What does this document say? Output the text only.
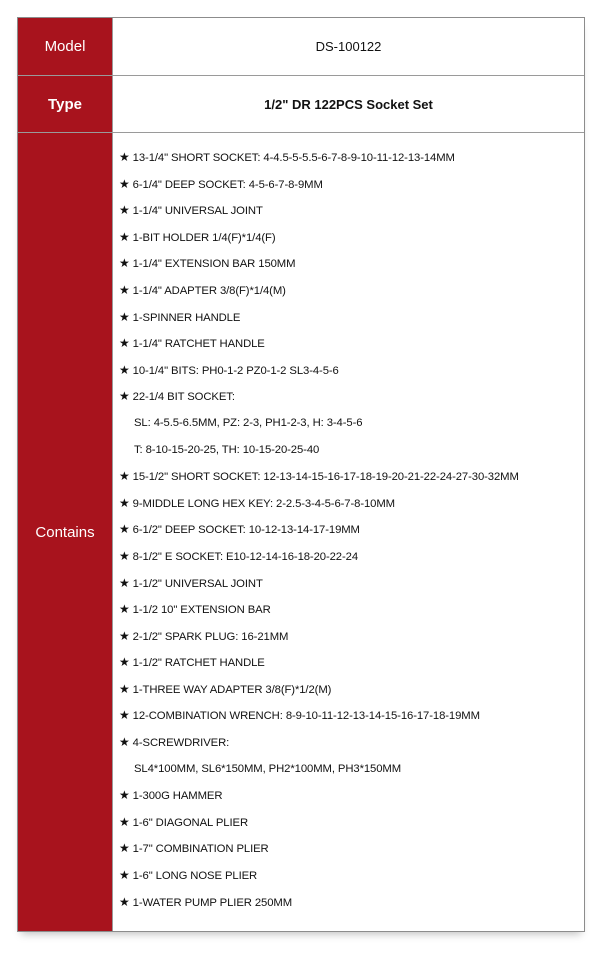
Model	DS-100122
Type	1/2" DR 122PCS Socket Set
Contains
★ 13-1/4" SHORT SOCKET: 4-4.5-5-5.5-6-7-8-9-10-11-12-13-14MM
★ 6-1/4" DEEP SOCKET: 4-5-6-7-8-9MM
★ 1-1/4" UNIVERSAL JOINT
★ 1-BIT HOLDER 1/4(F)*1/4(F)
★ 1-1/4" EXTENSION BAR 150MM
★ 1-1/4" ADAPTER 3/8(F)*1/4(M)
★ 1-SPINNER HANDLE
★ 1-1/4" RATCHET HANDLE
★ 10-1/4" BITS: PH0-1-2 PZ0-1-2 SL3-4-5-6
★ 22-1/4 BIT SOCKET:
SL: 4-5.5-6.5MM, PZ: 2-3, PH1-2-3, H: 3-4-5-6
T: 8-10-15-20-25, TH: 10-15-20-25-40
★ 15-1/2" SHORT SOCKET: 12-13-14-15-16-17-18-19-20-21-22-24-27-30-32MM
★ 9-MIDDLE LONG HEX KEY: 2-2.5-3-4-5-6-7-8-10MM
★ 6-1/2" DEEP SOCKET: 10-12-13-14-17-19MM
★ 8-1/2" E SOCKET: E10-12-14-16-18-20-22-24
★ 1-1/2" UNIVERSAL JOINT
★ 1-1/2 10" EXTENSION BAR
★ 2-1/2" SPARK PLUG: 16-21MM
★ 1-1/2" RATCHET HANDLE
★ 1-THREE WAY ADAPTER 3/8(F)*1/2(M)
★ 12-COMBINATION WRENCH: 8-9-10-11-12-13-14-15-16-17-18-19MM
★ 4-SCREWDRIVER:
SL4*100MM, SL6*150MM, PH2*100MM, PH3*150MM
★ 1-300G HAMMER
★ 1-6" DIAGONAL PLIER
★ 1-7" COMBINATION PLIER
★ 1-6" LONG NOSE PLIER
★ 1-WATER PUMP PLIER 250MM
